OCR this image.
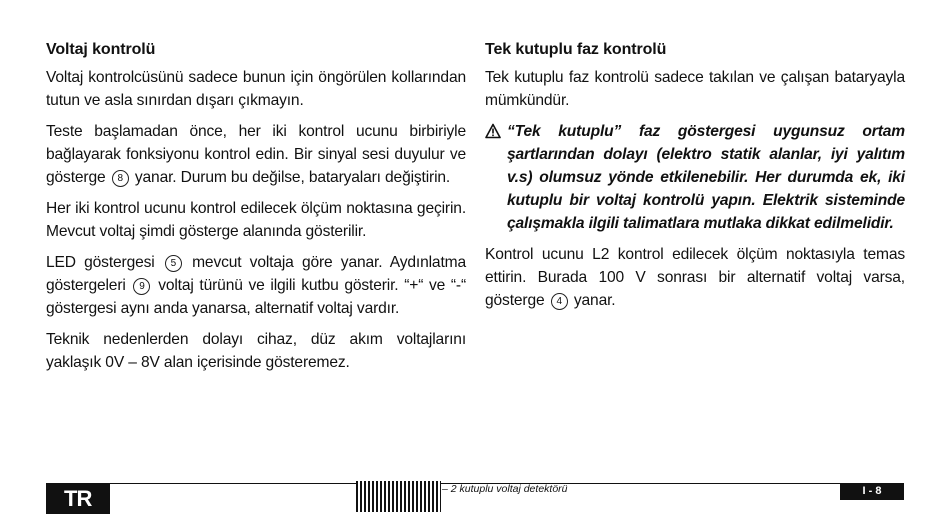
Voltaj kontrolü

Voltaj kontrolcüsünü sadece bunun için öngörülen kollarından tutun ve asla sınırdan dışarı çıkmayın.

Teste başlamadan önce, her iki kontrol ucunu birbiriyle bağlayarak fonksiyonu kontrol edin. Bir sinyal sesi duyulur ve gösterge 8 yanar. Durum bu değilse, bataryaları değiştirin.

Her iki kontrol ucunu kontrol edilecek ölçüm noktasına geçirin. Mevcut voltaj şimdi gösterge alanında gösterilir.

LED göstergesi 5 mevcut voltaja göre yanar. Aydınlatma göstergeleri 9 voltaj türünü ve ilgili kutbu gösterir. “+“ ve “-“ göstergesi aynı anda yanarsa, alternatif voltaj vardır.

Teknik nedenlerden dolayı cihaz, düz akım voltajlarını yaklaşık 0V – 8V alan içerisinde gösteremez.

Tek kutuplu faz kontrolü

Tek kutuplu faz kontrolü sadece takılan ve çalışan bataryayla mümkündür.

“Tek kutuplu” faz göstergesi uygunsuz ortam şartlarından dolayı (elektro statik alanlar, iyi yalıtım v.s) olumsuz yönde etkilenebilir. Her durumda ek, iki kutuplu bir voltaj kontrolü yapın. Elektrik sisteminde çalışmakla ilgili talimatlara mutlaka dikkat edilmelidir.

Kontrol ucunu L2 kontrol edilecek ölçüm noktasıyla temas ettirin. Burada 100 V sonrası bir alternatif voltaj varsa, gösterge 4 yanar.

TR	– 2 kutuplu voltaj detektörü	I - 8
